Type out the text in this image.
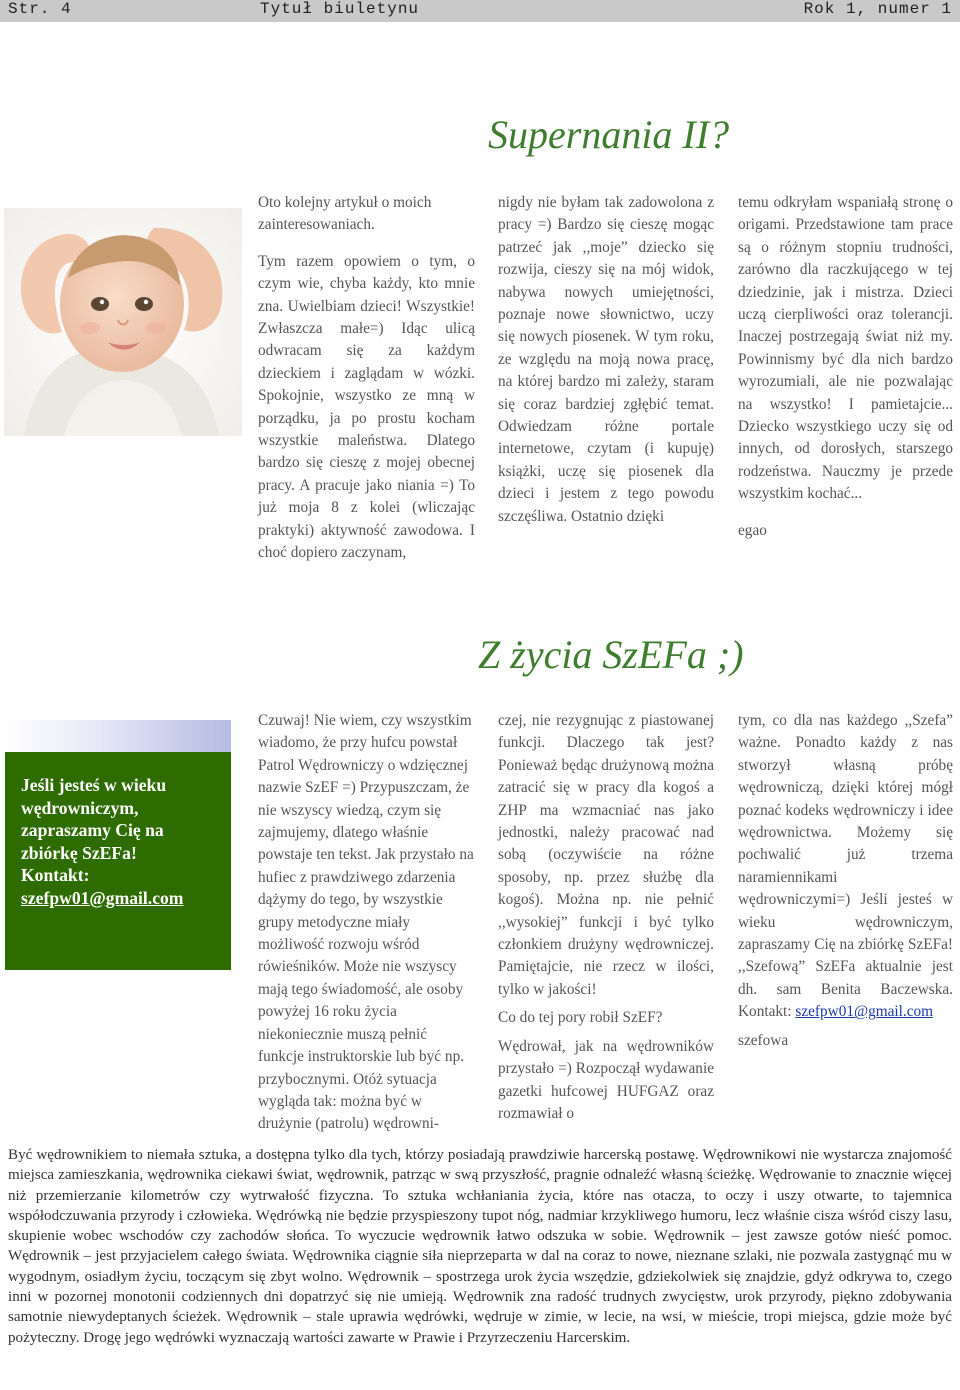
Str. 4	Tytuł biuletynu	Rok 1, numer 1
Supernania II?

Oto kolejny artykuł o moich zainteresowaniach.

Tym razem opowiem o tym, o czym wie, chyba każdy, kto mnie zna. Uwielbiam dzieci! Wszystkie! Zwłaszcza małe=) Idąc ulicą odwracam się za każdym dzieckiem i zaglądam w wózki. Spokojnie, wszystko ze mną w porządku, ja po prostu kocham wszystkie maleństwa. Dlatego bardzo się cieszę z mojej obecnej pracy. A pracuje jako niania =) To już moja 8 z kolei (wliczając praktyki) aktywność zawodowa. I choć dopiero zaczynam,

nigdy nie byłam tak zadowolona z pracy =) Bardzo się cieszę mogąc patrzeć jak ,,moje” dziecko się rozwija, cieszy się na mój widok, nabywa nowych umiejętności, poznaje nowe słownictwo, uczy się nowych piosenek. W tym roku, ze względu na moją nowa pracę, na której bardzo mi zależy, staram się coraz bardziej zgłębić temat. Odwiedzam różne portale internetowe, czytam (i kupuję) książki, uczę się piosenek dla dzieci i jestem z tego powodu szczęśliwa. Ostatnio dzięki

temu odkryłam wspaniałą stronę o origami. Przedstawione tam prace są o różnym stopniu trudności, zarówno dla raczkującego w tej dziedzinie, jak i mistrza. Dzieci uczą cierpliwości oraz tolerancji. Inaczej postrzegają świat niż my. Powinnismy być dla nich bardzo wyrozumiali, ale nie pozwalając na wszystko! I pamietajcie... Dziecko wszystkiego uczy się od innych, od dorosłych, starszego rodzeństwa. Nauczmy je przede wszystkim kochać...

egao

Z życia SzEFa ;)
Jeśli jesteś w wieku wędrowniczym, zapraszamy Cię na zbiórkę SzEFa!
Kontakt:
szefpw01@gmail.com

Czuwaj! Nie wiem, czy wszystkim wiadomo, że przy hufcu powstał Patrol Wędrowniczy o wdzięcznej nazwie SzEF =) Przypuszczam, że nie wszyscy wiedzą, czym się zajmujemy, dlatego właśnie powstaje ten tekst. Jak przystało na hufiec z prawdziwego zdarzenia dążymy do tego, by wszystkie grupy metodyczne miały możliwość rozwoju wśród rówieśników. Może nie wszyscy mają tego świadomość, ale osoby powyżej 16 roku życia niekoniecznie muszą pełnić funkcje instruktorskie lub być np. przybocznymi. Otóż sytuacja wygląda tak: można być w drużynie (patrolu) wędrowni-

czej, nie rezygnując z piastowanej funkcji. Dlaczego tak jest? Ponieważ będąc drużynową można zatracić się w pracy dla kogoś a ZHP ma wzmacniać nas jako jednostki, należy pracować nad sobą (oczywiście na różne sposoby, np. przez służbę dla kogoś). Można np. nie pełnić ,,wysokiej” funkcji i być tylko członkiem drużyny wędrowniczej. Pamiętajcie, nie rzecz w ilości, tylko w jakości!

Co do tej pory robił SzEF?

Wędrował, jak na wędrowników przystało =) Rozpoczął wydawanie gazetki hufcowej HUFGAZ oraz rozmawiał o

tym, co dla nas każdego ,,Szefa” ważne. Ponadto każdy z nas stworzył własną próbę wędrowniczą, dzięki której mógł poznać kodeks wędrowniczy i idee wędrownictwa. Możemy się pochwalić już trzema naramiennikami wędrowniczymi=) Jeśli jesteś w wieku wędrowniczym, zapraszamy Cię na zbiórkę SzEFa! ,,Szefową” SzEFa aktualnie jest dh. sam Benita Baczewska. Kontakt: szefpw01@gmail.com

szefowa

Być wędrownikiem to niemała sztuka, a dostępna tylko dla tych, którzy posiadają prawdziwie harcerską postawę. Wędrownikowi nie wystarcza znajomość miejsca zamieszkania, wędrownika ciekawi świat, wędrownik, patrząc w swą przyszłość, pragnie odnaleźć własną ścieżkę. Wędrowanie to znacznie więcej niż przemierzanie kilometrów czy wytrwałość fizyczna. To sztuka wchłaniania życia, które nas otacza, to oczy i uszy otwarte, to tajemnica współodczuwania przyrody i człowieka. Wędrówką nie będzie przyspieszony tupot nóg, nadmiar krzykliwego humoru, lecz właśnie cisza wśród ciszy lasu, skupienie wobec wschodów czy zachodów słońca. To wyczucie wędrownik łatwo odszuka w sobie. Wędrownik – jest zawsze gotów nieść pomoc. Wędrownik – jest przyjacielem całego świata. Wędrownika ciągnie siła nieprzeparta w dal na coraz to nowe, nieznane szlaki, nie pozwala zastygnąć mu w wygodnym, osiadłym życiu, toczącym się zbyt wolno. Wędrownik – spostrzega urok życia wszędzie, gdziekolwiek się znajdzie, gdyż odkrywa to, czego inni w pozornej monotonii codziennych dni dopatrzyć się nie umieją. Wędrownik zna radość trudnych zwycięstw, urok przyrody, piękno zdobywania samotnie niewydeptanych ścieżek. Wędrownik – stale uprawia wędrówki, wędruje w zimie, w lecie, na wsi, w mieście, tropi miejsca, gdzie może być pożyteczny. Drogę jego wędrówki wyznaczają wartości zawarte w Prawie i Przyrzeczeniu Harcerskim.
